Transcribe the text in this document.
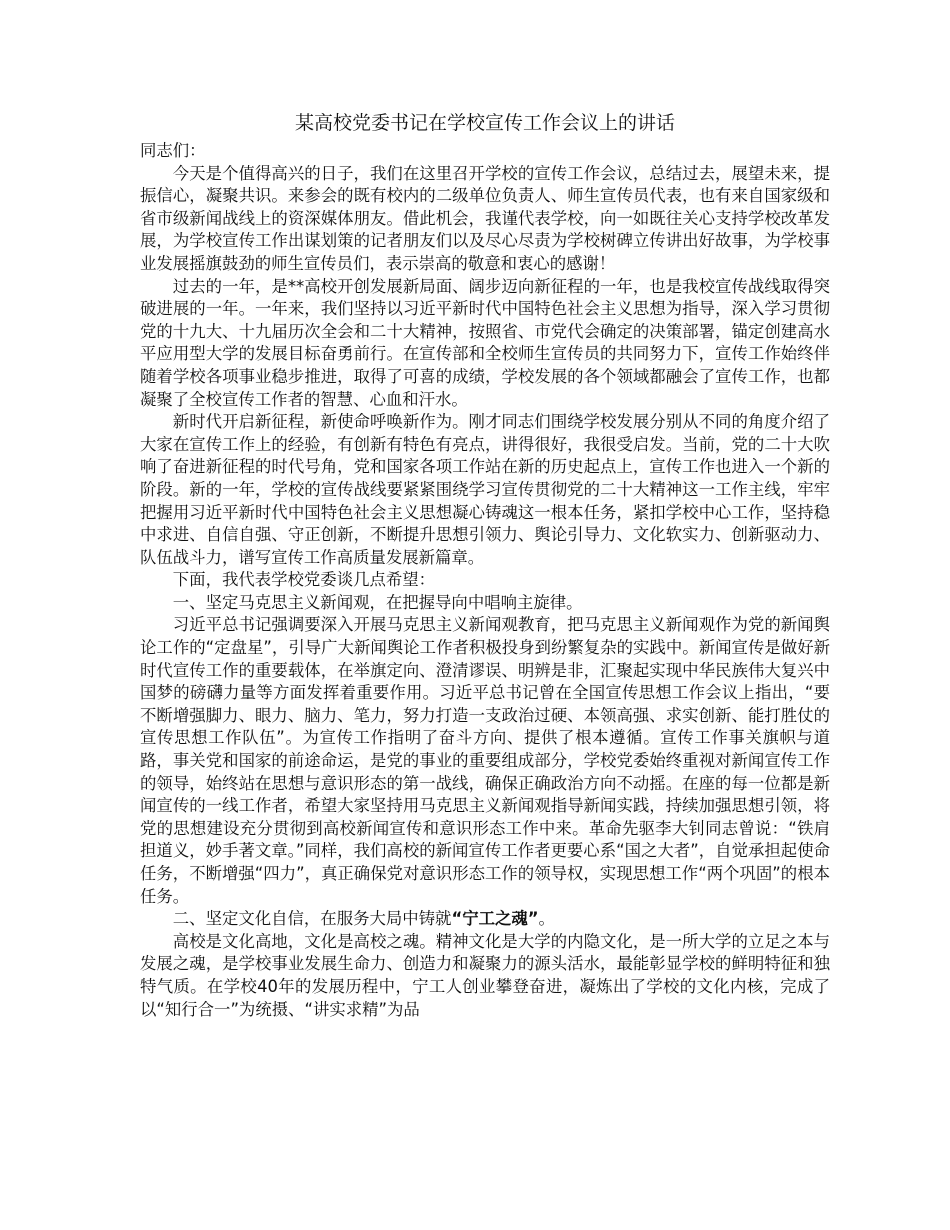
某高校党委书记在学校宣传工作会议上的讲话

同志们：

今天是个值得高兴的日子，我们在这里召开学校的宣传工作会议，总结过去，展望未来，提振信心，凝聚共识。来参会的既有校内的二级单位负责人、师生宣传员代表，也有来自国家级和省市级新闻战线上的资深媒体朋友。借此机会，我谨代表学校，向一如既往关心支持学校改革发展，为学校宣传工作出谋划策的记者朋友们以及尽心尽责为学校树碑立传讲出好故事，为学校事业发展摇旗鼓劲的师生宣传员们，表示崇高的敬意和衷心的感谢！

过去的一年，是**高校开创发展新局面、阔步迈向新征程的一年，也是我校宣传战线取得突破进展的一年。一年来，我们坚持以习近平新时代中国特色社会主义思想为指导，深入学习贯彻党的十九大、十九届历次全会和二十大精神，按照省、市党代会确定的决策部署，锚定创建高水平应用型大学的发展目标奋勇前行。在宣传部和全校师生宣传员的共同努力下，宣传工作始终伴随着学校各项事业稳步推进，取得了可喜的成绩，学校发展的各个领域都融会了宣传工作，也都凝聚了全校宣传工作者的智慧、心血和汗水。

新时代开启新征程，新使命呼唤新作为。刚才同志们围绕学校发展分别从不同的角度介绍了大家在宣传工作上的经验，有创新有特色有亮点，讲得很好，我很受启发。当前，党的二十大吹响了奋进新征程的时代号角，党和国家各项工作站在新的历史起点上，宣传工作也进入一个新的阶段。新的一年，学校的宣传战线要紧紧围绕学习宣传贯彻党的二十大精神这一工作主线，牢牢把握用习近平新时代中国特色社会主义思想凝心铸魂这一根本任务，紧扣学校中心工作，坚持稳中求进、自信自强、守正创新，不断提升思想引领力、舆论引导力、文化软实力、创新驱动力、队伍战斗力，谱写宣传工作高质量发展新篇章。

下面，我代表学校党委谈几点希望：

一、坚定马克思主义新闻观，在把握导向中唱响主旋律。

习近平总书记强调要深入开展马克思主义新闻观教育，把马克思主义新闻观作为党的新闻舆论工作的“定盘星”，引导广大新闻舆论工作者积极投身到纷繁复杂的实践中。新闻宣传是做好新时代宣传工作的重要载体，在举旗定向、澄清谬误、明辨是非，汇聚起实现中华民族伟大复兴中国梦的磅礴力量等方面发挥着重要作用。习近平总书记曾在全国宣传思想工作会议上指出，“要不断增强脚力、眼力、脑力、笔力，努力打造一支政治过硬、本领高强、求实创新、能打胜仗的宣传思想工作队伍”。为宣传工作指明了奋斗方向、提供了根本遵循。宣传工作事关旗帜与道路，事关党和国家的前途命运，是党的事业的重要组成部分，学校党委始终重视对新闻宣传工作的领导，始终站在思想与意识形态的第一战线，确保正确政治方向不动摇。在座的每一位都是新闻宣传的一线工作者，希望大家坚持用马克思主义新闻观指导新闻实践，持续加强思想引领，将党的思想建设充分贯彻到高校新闻宣传和意识形态工作中来。革命先驱李大钊同志曾说：“铁肩担道义，妙手著文章。”同样，我们高校的新闻宣传工作者更要心系“国之大者”，自觉承担起使命任务，不断增强“四力”，真正确保党对意识形态工作的领导权，实现思想工作“两个巩固”的根本任务。

二、坚定文化自信，在服务大局中铸就“宁工之魂”。

高校是文化高地，文化是高校之魂。精神文化是大学的内隐文化，是一所大学的立足之本与发展之魂，是学校事业发展生命力、创造力和凝聚力的源头活水，最能彰显学校的鲜明特征和独特气质。在学校40年的发展历程中，宁工人创业攀登奋进，凝炼出了学校的文化内核，完成了以“知行合一”为统摄、“讲实求精”为品
